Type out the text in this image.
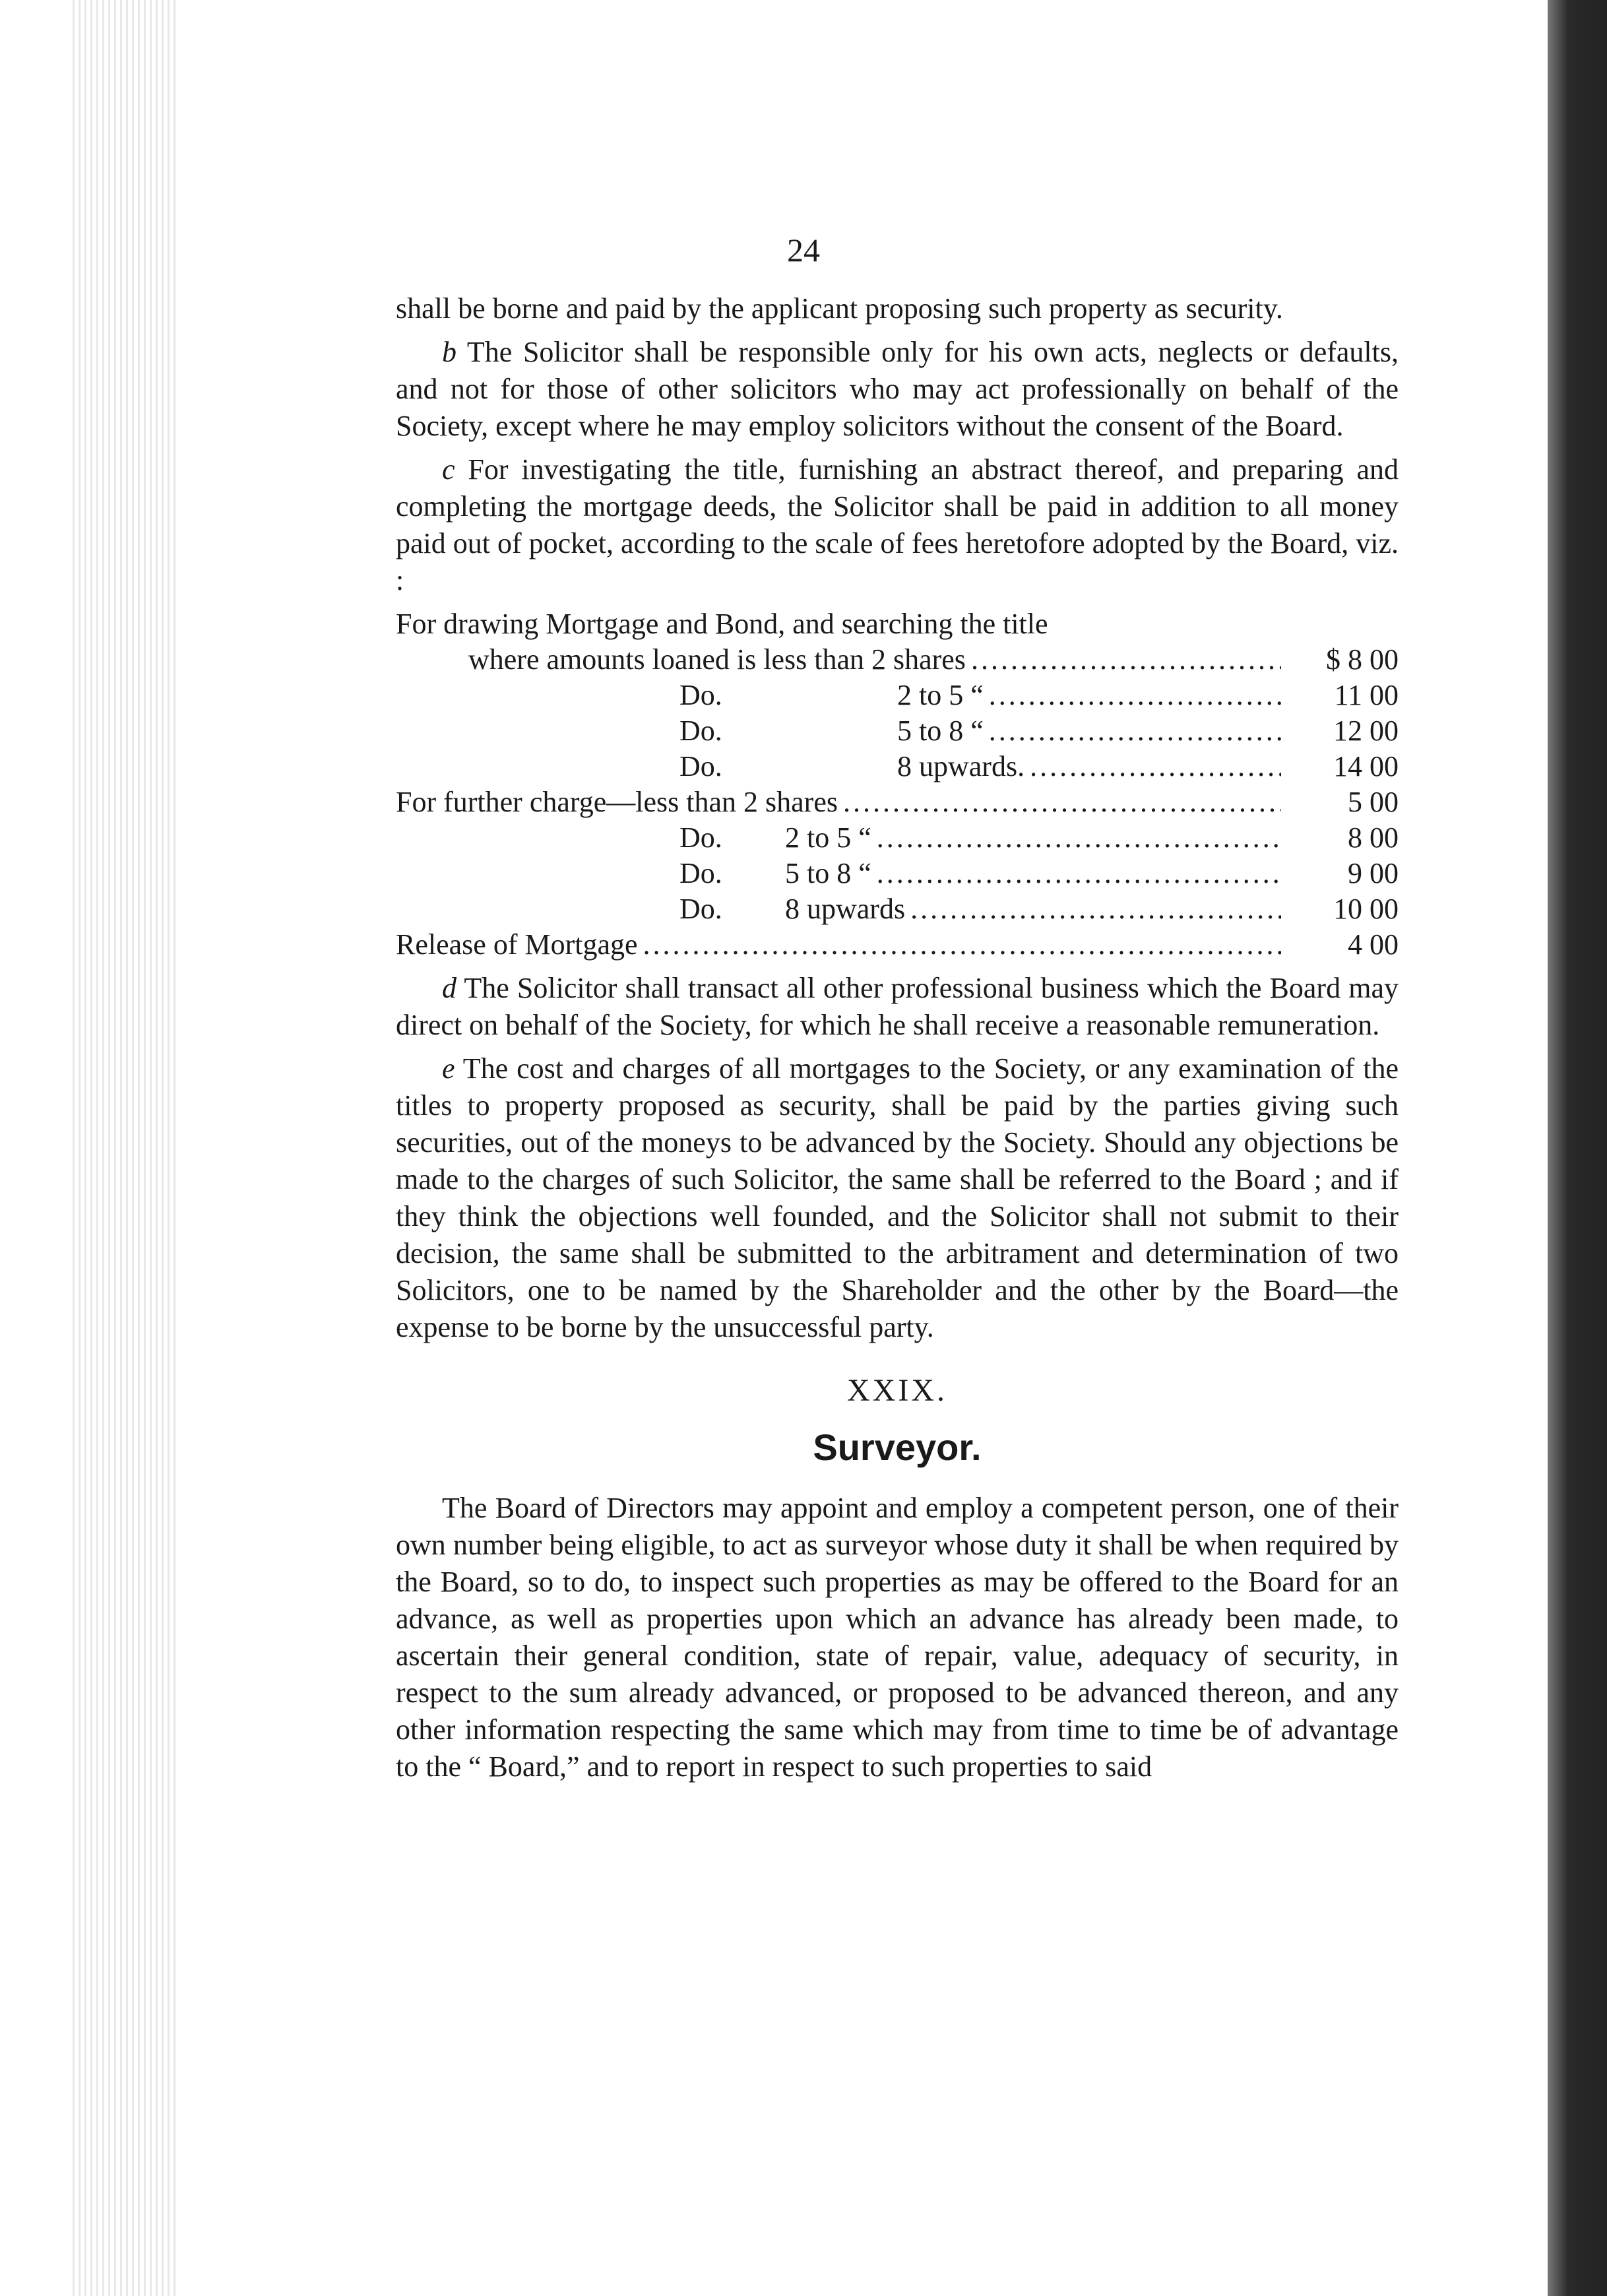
24

shall be borne and paid by the applicant proposing such property as security.

b The Solicitor shall be responsible only for his own acts, neglects or defaults, and not for those of other solicitors who may act professionally on behalf of the Society, except where he may employ solicitors without the consent of the Board.

c For investigating the title, furnishing an abstract thereof, and preparing and completing the mortgage deeds, the Solicitor shall be paid in addition to all money paid out of pocket, according to the scale of fees heretofore adopted by the Board, viz. :

For drawing Mortgage and Bond, and searching the title
where amounts loaned is less than 2 shares .....	$ 8 00
Do.	2 to 5 “ .....	11 00
Do.	5 to 8 “ .....	12 00
Do.	8 upwards. .....	14 00
For further charge—less than 2 shares .....	5 00
Do.	2 to 5 “ .....	8 00
Do.	5 to 8 “ .....	9 00
Do.	8 upwards .....	10 00
Release of Mortgage .....	4 00

d The Solicitor shall transact all other professional business which the Board may direct on behalf of the Society, for which he shall receive a reasonable remuneration.

e The cost and charges of all mortgages to the Society, or any examination of the titles to property proposed as security, shall be paid by the parties giving such securities, out of the moneys to be advanced by the Society. Should any objections be made to the charges of such Solicitor, the same shall be referred to the Board ; and if they think the objections well founded, and the Solicitor shall not submit to their decision, the same shall be submitted to the arbitrament and determination of two Solicitors, one to be named by the Shareholder and the other by the Board—the expense to be borne by the unsuccessful party.

XXIX.
Surveyor.

The Board of Directors may appoint and employ a competent person, one of their own number being eligible, to act as surveyor whose duty it shall be when required by the Board, so to do, to inspect such properties as may be offered to the Board for an advance, as well as properties upon which an advance has already been made, to ascertain their general condition, state of repair, value, adequacy of security, in respect to the sum already advanced, or proposed to be advanced thereon, and any other information respecting the same which may from time to time be of advantage to the “ Board,” and to report in respect to such properties to said
